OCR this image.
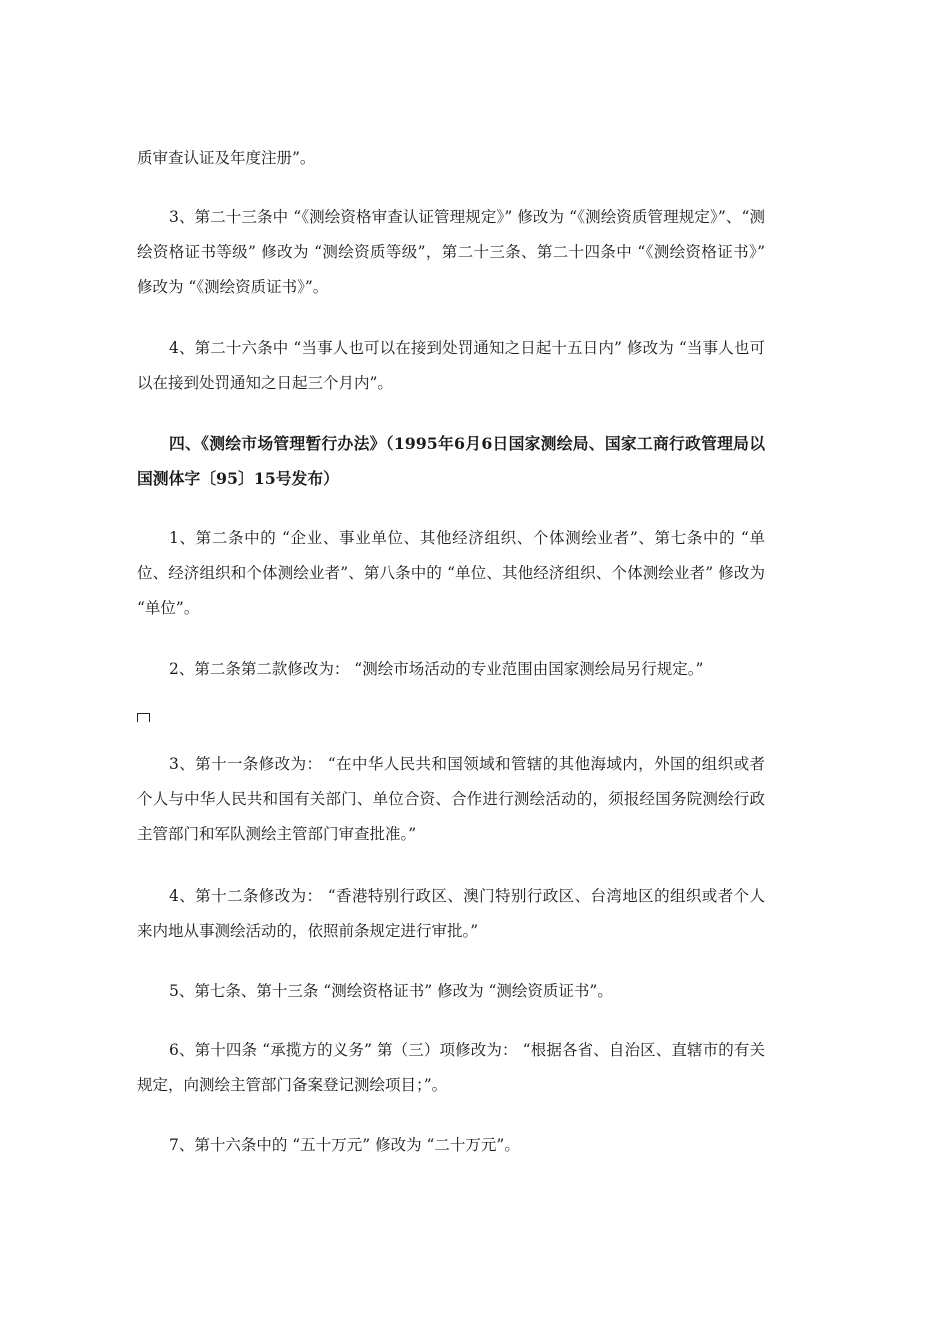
质审查认证及年度注册”。

3、第二十三条中 “《测绘资格审查认证管理规定》” 修改为 “《测绘资质管理规定》”、“测绘资格证书等级” 修改为 “测绘资质等级”，第二十三条、第二十四条中 “《测绘资格证书》” 修改为 “《测绘资质证书》”。

4、第二十六条中 “当事人也可以在接到处罚通知之日起十五日内” 修改为 “当事人也可以在接到处罚通知之日起三个月内”。

四、《测绘市场管理暂行办法》（1995年6月6日国家测绘局、国家工商行政管理局以国测体字〔95〕15号发布）

1、第二条中的 “企业、事业单位、其他经济组织、个体测绘业者”、第七条中的 “单位、经济组织和个体测绘业者”、第八条中的 “单位、其他经济组织、个体测绘业者” 修改为 “单位”。

2、第二条第二款修改为： “测绘市场活动的专业范围由国家测绘局另行规定。”

3、第十一条修改为： “在中华人民共和国领域和管辖的其他海域内，外国的组织或者个人与中华人民共和国有关部门、单位合资、合作进行测绘活动的，须报经国务院测绘行政主管部门和军队测绘主管部门审查批准。”

4、第十二条修改为： “香港特别行政区、澳门特别行政区、台湾地区的组织或者个人来内地从事测绘活动的，依照前条规定进行审批。”

5、第七条、第十三条 “测绘资格证书” 修改为 “测绘资质证书”。

6、第十四条 “承揽方的义务” 第（三）项修改为： “根据各省、自治区、直辖市的有关规定，向测绘主管部门备案登记测绘项目；”。

7、第十六条中的 “五十万元” 修改为 “二十万元”。
